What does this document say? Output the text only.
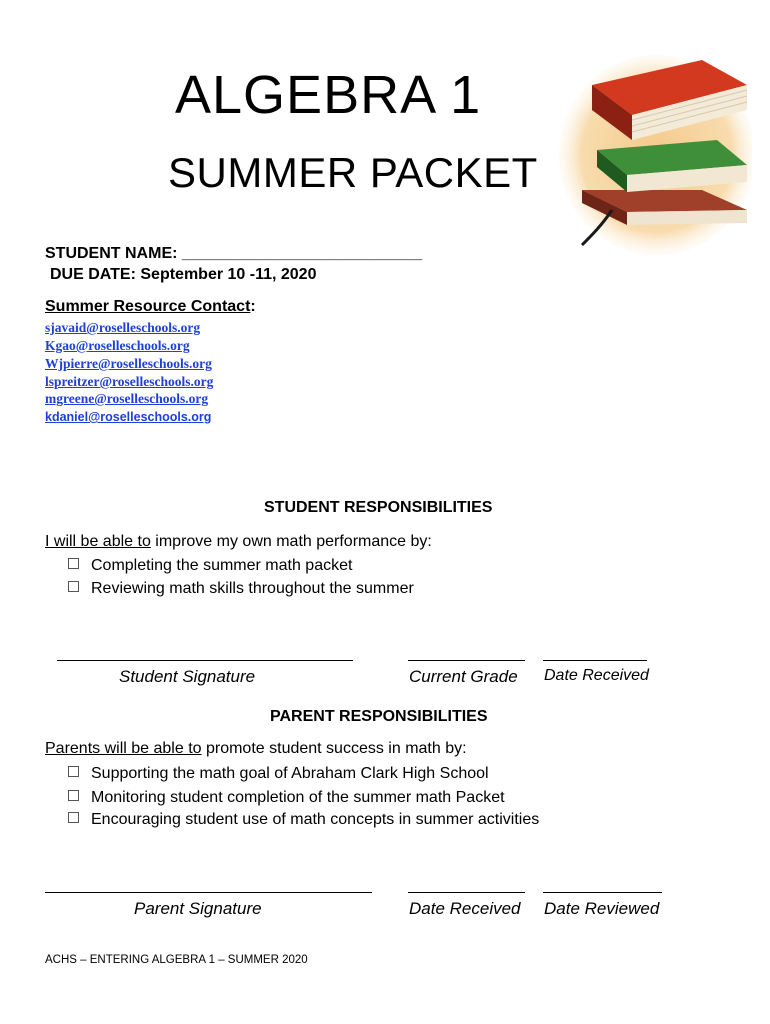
ALGEBRA 1
SUMMER PACKET
STUDENT NAME: ___________________________
DUE DATE: September 10 -11, 2020
Summer Resource Contact:
sjavaid@roselleschools.org
Kgao@roselleschools.org
Wjpierre@roselleschools.org
lspreitzer@roselleschools.org
mgreene@roselleschools.org
kdaniel@roselleschools.org
STUDENT RESPONSIBILITIES
I will be able to improve my own math performance by:
Completing the summer math packet
Reviewing math skills throughout the summer
Student Signature	Current Grade Date Received
PARENT RESPONSIBILITIES
Parents will be able to promote student success in math by:
Supporting the math goal of Abraham Clark High School
Monitoring student completion of the summer math Packet
Encouraging student use of math concepts in summer activities
Parent Signature	Date Received Date Reviewed
ACHS – ENTERING ALGEBRA 1 – SUMMER 2020
